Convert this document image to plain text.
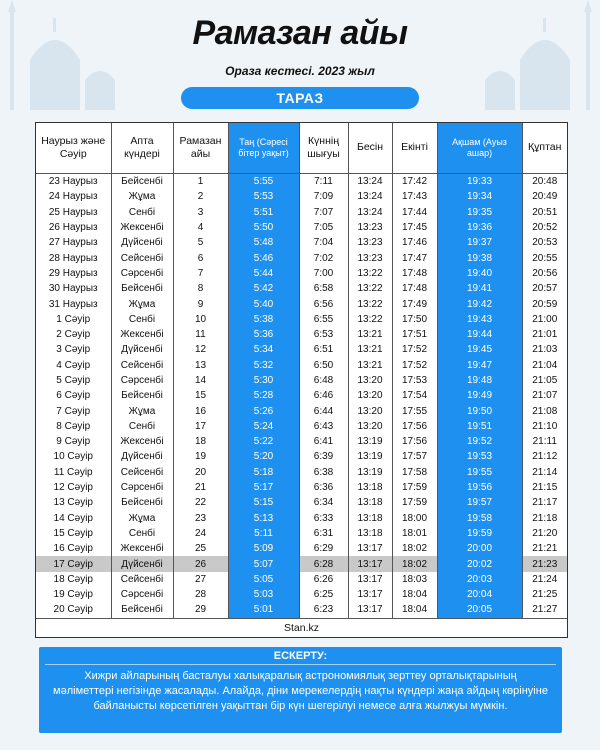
Рамазан айы
Ораза кестесі. 2023 жыл
ТАРАЗ
Наурыз және Сәуір	Апта күндері	Рамазан айы	Таң (Сәресі бітер уақыт)	Күннің шығуы	Бесін	Екінті	Ақшам (Ауыз ашар)	Құптан
23 Наурыз	Бейсенбі	1	5:55	7:11	13:24	17:42	19:33	20:48
24 Наурыз	Жұма	2	5:53	7:09	13:24	17:43	19:34	20:49
25 Наурыз	Сенбі	3	5:51	7:07	13:24	17:44	19:35	20:51
26 Наурыз	Жексенбі	4	5:50	7:05	13:23	17:45	19:36	20:52
27 Наурыз	Дүйсенбі	5	5:48	7:04	13:23	17:46	19:37	20:53
28 Наурыз	Сейсенбі	6	5:46	7:02	13:23	17:47	19:38	20:55
29 Наурыз	Сәрсенбі	7	5:44	7:00	13:22	17:48	19:40	20:56
30 Наурыз	Бейсенбі	8	5:42	6:58	13:22	17:48	19:41	20:57
31 Наурыз	Жұма	9	5:40	6:56	13:22	17:49	19:42	20:59
1 Сәуір	Сенбі	10	5:38	6:55	13:22	17:50	19:43	21:00
2 Сәуір	Жексенбі	11	5:36	6:53	13:21	17:51	19:44	21:01
3 Сәуір	Дүйсенбі	12	5:34	6:51	13:21	17:52	19:45	21:03
4 Сәуір	Сейсенбі	13	5:32	6:50	13:21	17:52	19:47	21:04
5 Сәуір	Сәрсенбі	14	5:30	6:48	13:20	17:53	19:48	21:05
6 Сәуір	Бейсенбі	15	5:28	6:46	13:20	17:54	19:49	21:07
7 Сәуір	Жұма	16	5:26	6:44	13:20	17:55	19:50	21:08
8 Сәуір	Сенбі	17	5:24	6:43	13:20	17:56	19:51	21:10
9 Сәуір	Жексенбі	18	5:22	6:41	13:19	17:56	19:52	21:11
10 Сәуір	Дүйсенбі	19	5:20	6:39	13:19	17:57	19:53	21:12
11 Сәуір	Сейсенбі	20	5:18	6:38	13:19	17:58	19:55	21:14
12 Сәуір	Сәрсенбі	21	5:17	6:36	13:18	17:59	19:56	21:15
13 Сәуір	Бейсенбі	22	5:15	6:34	13:18	17:59	19:57	21:17
14 Сәуір	Жұма	23	5:13	6:33	13:18	18:00	19:58	21:18
15 Сәуір	Сенбі	24	5:11	6:31	13:18	18:01	19:59	21:20
16 Сәуір	Жексенбі	25	5:09	6:29	13:17	18:02	20:00	21:21
17 Сәуір	Дүйсенбі	26	5:07	6:28	13:17	18:02	20:02	21:23
18 Сәуір	Сейсенбі	27	5:05	6:26	13:17	18:03	20:03	21:24
19 Сәуір	Сәрсенбі	28	5:03	6:25	13:17	18:04	20:04	21:25
20 Сәуір	Бейсенбі	29	5:01	6:23	13:17	18:04	20:05	21:27
Stan.kz
ЕСКЕРТУ:
Хижри айларының басталуы халықаралық астрономиялық зерттеу орталықтарының мәліметтері негізінде жасалады. Алайда, діни мерекелердің нақты күндері жаңа айдың көрінуіне байланысты көрсетілген уақыттан бір күн шегерілуі немесе алға жылжуы мүмкін.
